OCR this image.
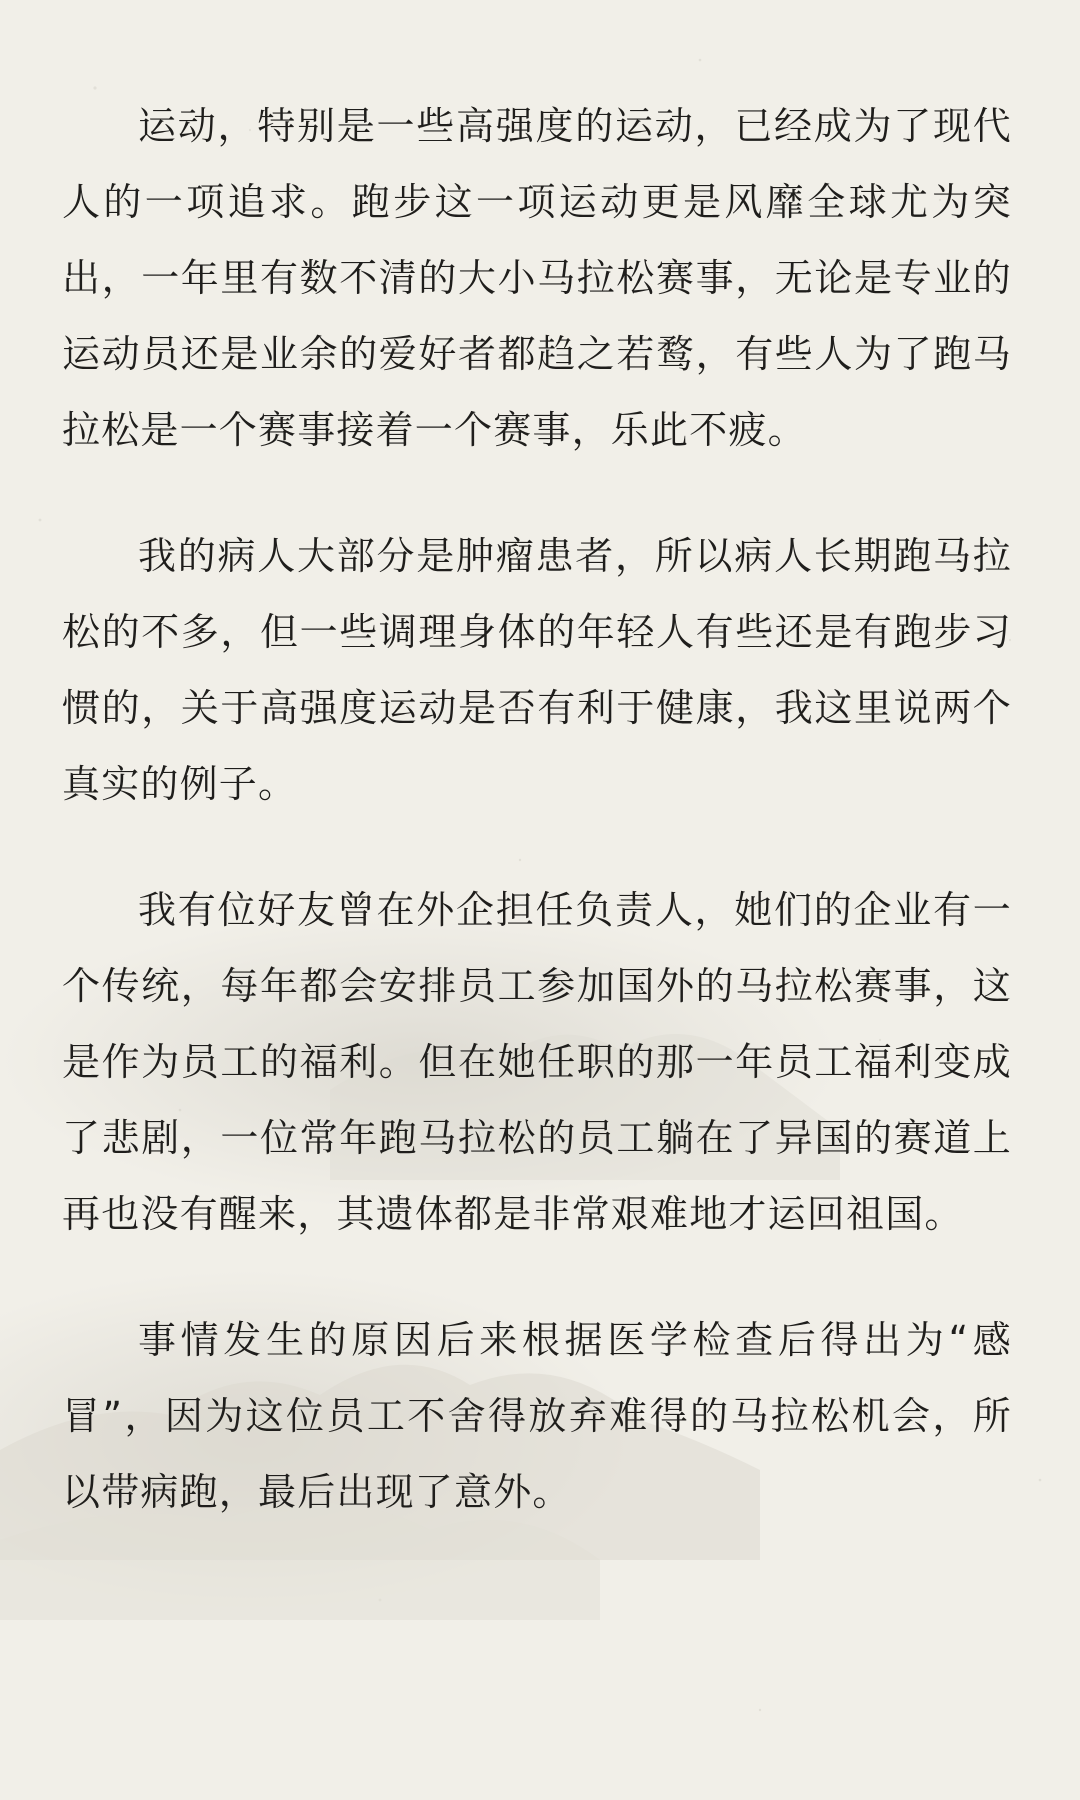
运动，特别是一些高强度的运动，已经成为了现代人的一项追求。跑步这一项运动更是风靡全球尤为突出，一年里有数不清的大小马拉松赛事，无论是专业的运动员还是业余的爱好者都趋之若鹜，有些人为了跑马拉松是一个赛事接着一个赛事，乐此不疲。

我的病人大部分是肿瘤患者，所以病人长期跑马拉松的不多，但一些调理身体的年轻人有些还是有跑步习惯的，关于高强度运动是否有利于健康，我这里说两个真实的例子。

我有位好友曾在外企担任负责人，她们的企业有一个传统，每年都会安排员工参加国外的马拉松赛事，这是作为员工的福利。但在她任职的那一年员工福利变成了悲剧，一位常年跑马拉松的员工躺在了异国的赛道上再也没有醒来，其遗体都是非常艰难地才运回祖国。

事情发生的原因后来根据医学检查后得出为“感冒”，因为这位员工不舍得放弃难得的马拉松机会，所以带病跑，最后出现了意外。
